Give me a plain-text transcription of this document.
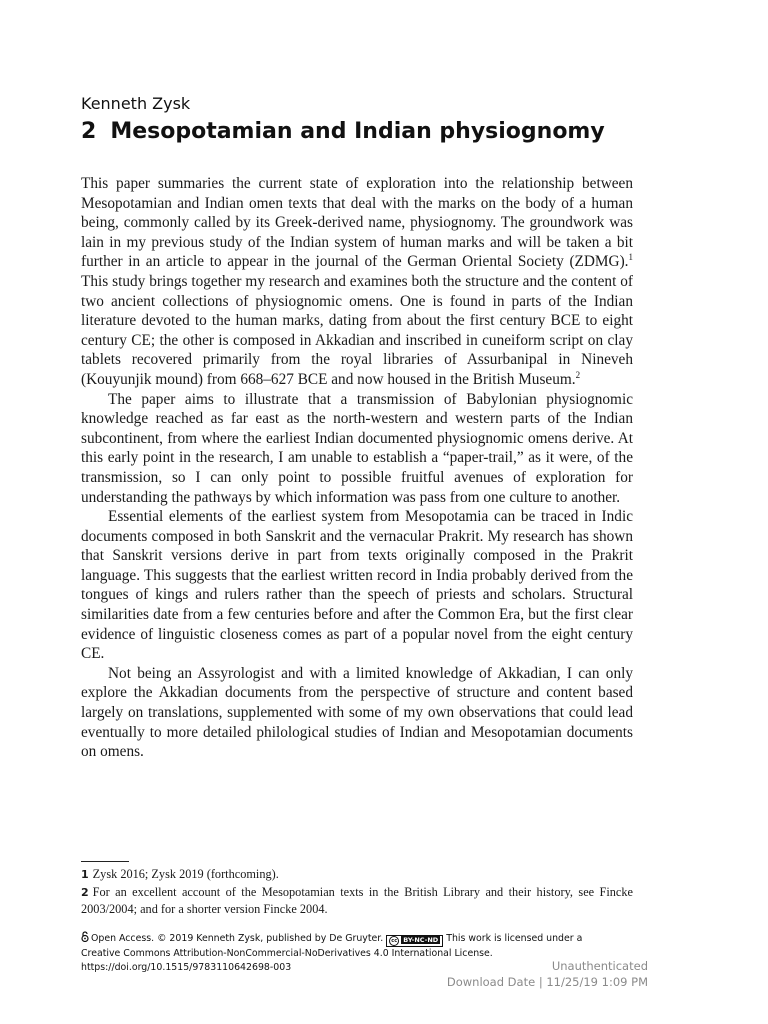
Kenneth Zysk
2 Mesopotamian and Indian physiognomy

This paper summaries the current state of exploration into the relationship between Mesopotamian and Indian omen texts that deal with the marks on the body of a human being, commonly called by its Greek-derived name, physiognomy. The groundwork was lain in my previous study of the Indian system of human marks and will be taken a bit further in an article to appear in the journal of the German Oriental Society (ZDMG).$^1$ This study brings together my research and examines both the structure and the content of two ancient collections of physiognomic omens. One is found in parts of the Indian literature devoted to the human marks, dating from about the first century BCE to eight century CE; the other is composed in Akkadian and inscribed in cuneiform script on clay tablets recovered primarily from the royal libraries of Assurbanipal in Nineveh (Kouyunjik mound) from 668–627 BCE and now housed in the British Museum.$^2$

The paper aims to illustrate that a transmission of Babylonian physiognomic knowledge reached as far east as the north-western and western parts of the Indian subcontinent, from where the earliest Indian documented physiognomic omens derive. At this early point in the research, I am unable to establish a “paper-trail,” as it were, of the transmission, so I can only point to possible fruitful avenues of exploration for understanding the pathways by which information was pass from one culture to another.

Essential elements of the earliest system from Mesopotamia can be traced in Indic documents composed in both Sanskrit and the vernacular Prakrit. My research has shown that Sanskrit versions derive in part from texts originally composed in the Prakrit language. This suggests that the earliest written record in India probably derived from the tongues of kings and rulers rather than the speech of priests and scholars. Structural similarities date from a few centuries before and after the Common Era, but the first clear evidence of linguistic closeness comes as part of a popular novel from the eight century CE.

Not being an Assyrologist and with a limited knowledge of Akkadian, I can only explore the Akkadian documents from the perspective of structure and content based largely on translations, supplemented with some of my own observations that could lead eventually to more detailed philological studies of Indian and Mesopotamian documents on omens.

1 Zysk 2016; Zysk 2019 (forthcoming).

2 For an excellent account of the Mesopotamian texts in the British Library and their history, see Fincke 2003/2004; and for a shorter version Fincke 2004.

Open Access. © 2019 Kenneth Zysk, published by De Gruyter. cc BY-NC-ND This work is licensed under a
Creative Commons Attribution-NonCommercial-NoDerivatives 4.0 International License.
https://doi.org/10.1515/9783110642698-003	Unauthenticated
Download Date | 11/25/19 1:09 PM
